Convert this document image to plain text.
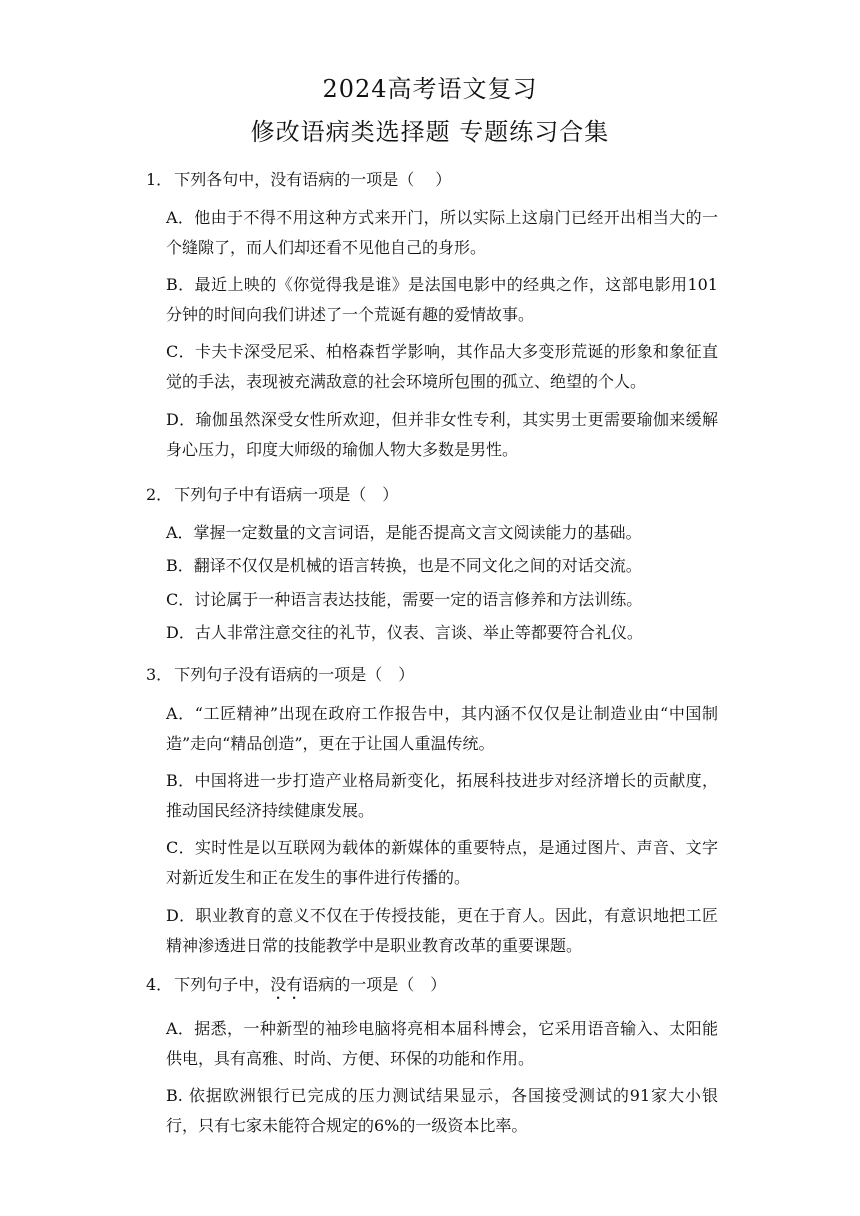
2024高考语文复习
修改语病类选择题 专题练习合集
1． 下列各句中，没有语病的一项是（　 ）
A．他由于不得不用这种方式来开门，所以实际上这扇门已经开出相当大的一个缝隙了，而人们却还看不见他自己的身形。
B．最近上映的《你觉得我是谁》是法国电影中的经典之作，这部电影用101分钟的时间向我们讲述了一个荒诞有趣的爱情故事。
C．卡夫卡深受尼采、柏格森哲学影响，其作品大多变形荒诞的形象和象征直觉的手法，表现被充满敌意的社会环境所包围的孤立、绝望的个人。
D．瑜伽虽然深受女性所欢迎，但并非女性专利，其实男士更需要瑜伽来缓解身心压力，印度大师级的瑜伽人物大多数是男性。
2． 下列句子中有语病一项是（　）
A．掌握一定数量的文言词语，是能否提高文言文阅读能力的基础。
B．翻译不仅仅是机械的语言转换，也是不同文化之间的对话交流。
C．讨论属于一种语言表达技能，需要一定的语言修养和方法训练。
D．古人非常注意交往的礼节，仪表、言谈、举止等都要符合礼仪。
3． 下列句子没有语病的一项是（　）
A．“工匠精神”出现在政府工作报告中，其内涵不仅仅是让制造业由“中国制造”走向“精品创造”，更在于让国人重温传统。
B．中国将进一步打造产业格局新变化，拓展科技进步对经济增长的贡献度，推动国民经济持续健康发展。
C．实时性是以互联网为载体的新媒体的重要特点，是通过图片、声音、文字对新近发生和正在发生的事件进行传播的。
D．职业教育的意义不仅在于传授技能，更在于育人。因此，有意识地把工匠精神渗透进日常的技能教学中是职业教育改革的重要课题。
4． 下列句子中，没有语病的一项是（　）
A．据悉，一种新型的袖珍电脑将亮相本届科博会，它采用语音输入、太阳能供电，具有高雅、时尚、方便、环保的功能和作用。
B. 依据欧洲银行已完成的压力测试结果显示，各国接受测试的91家大小银行，只有七家未能符合规定的6%的一级资本比率。
